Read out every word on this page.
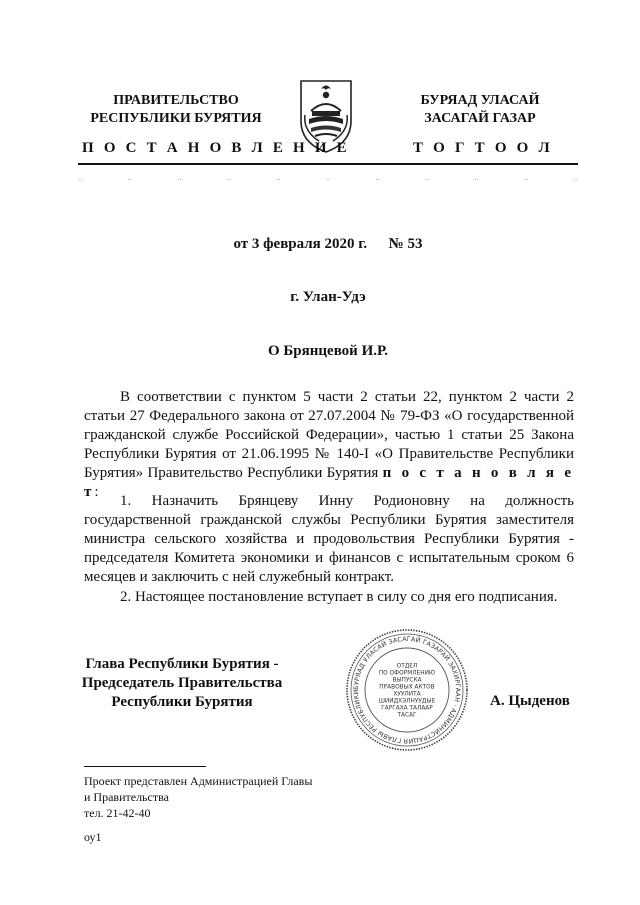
ПРАВИТЕЛЬСТВО
РЕСПУБЛИКИ БУРЯТИЯ
БУРЯАД УЛАСАЙ
ЗАСАГАЙ ГАЗАР
П О С Т А Н О В Л Е Н И Е	Т О Г Т О О Л
..	..	..	..	..	..	..	..	..	..	..
от 3 февраля 2020 г. № 53
г. Улан-Удэ
О Брянцевой И.Р.
В соответствии с пунктом 5 части 2 статьи 22, пунктом 2 части 2 статьи 27 Федерального закона от 27.07.2004 № 79-ФЗ «О государственной гражданской службе Российской Федерации», частью 1 статьи 25 Закона Республики Бурятия от 21.06.1995 № 140-I «О Правительстве Республики Бурятия» Правительство Республики Бурятия п о с т а н о в л я е т:
1. Назначить Брянцеву Инну Родионовну на должность государственной гражданской службы Республики Бурятия заместителя министра сельского хозяйства и продовольствия Республики Бурятия - председателя Комитета экономики и финансов с испытательным сроком 6 месяцев и заключить с ней служебный контракт.
2. Настоящее постановление вступает в силу со дня его подписания.
Глава Республики Бурятия -
Председатель Правительства
Республики Бурятия
БУРЯАД УЛАСАЙ ЗАСАГАЙ ГАЗАРАЙ ЗАХИРГААН · АДМИНИСТРАЦИЯ ГЛАВЫ РЕСПУБЛИКИ
ОТДЕЛ
ПО ОФОРМЛЕНИЮ
ВЫПУСКА
ПРАВОВЫХ АКТОВ
ХУУЛИТА
ШИИДХЭЛНУУДЫЕ
ГАРГАХА ТАЛААР
ТАСАГ
А. Цыденов
Проект представлен Администрацией Главы
и Правительства
тел. 21-42-40
оу1
